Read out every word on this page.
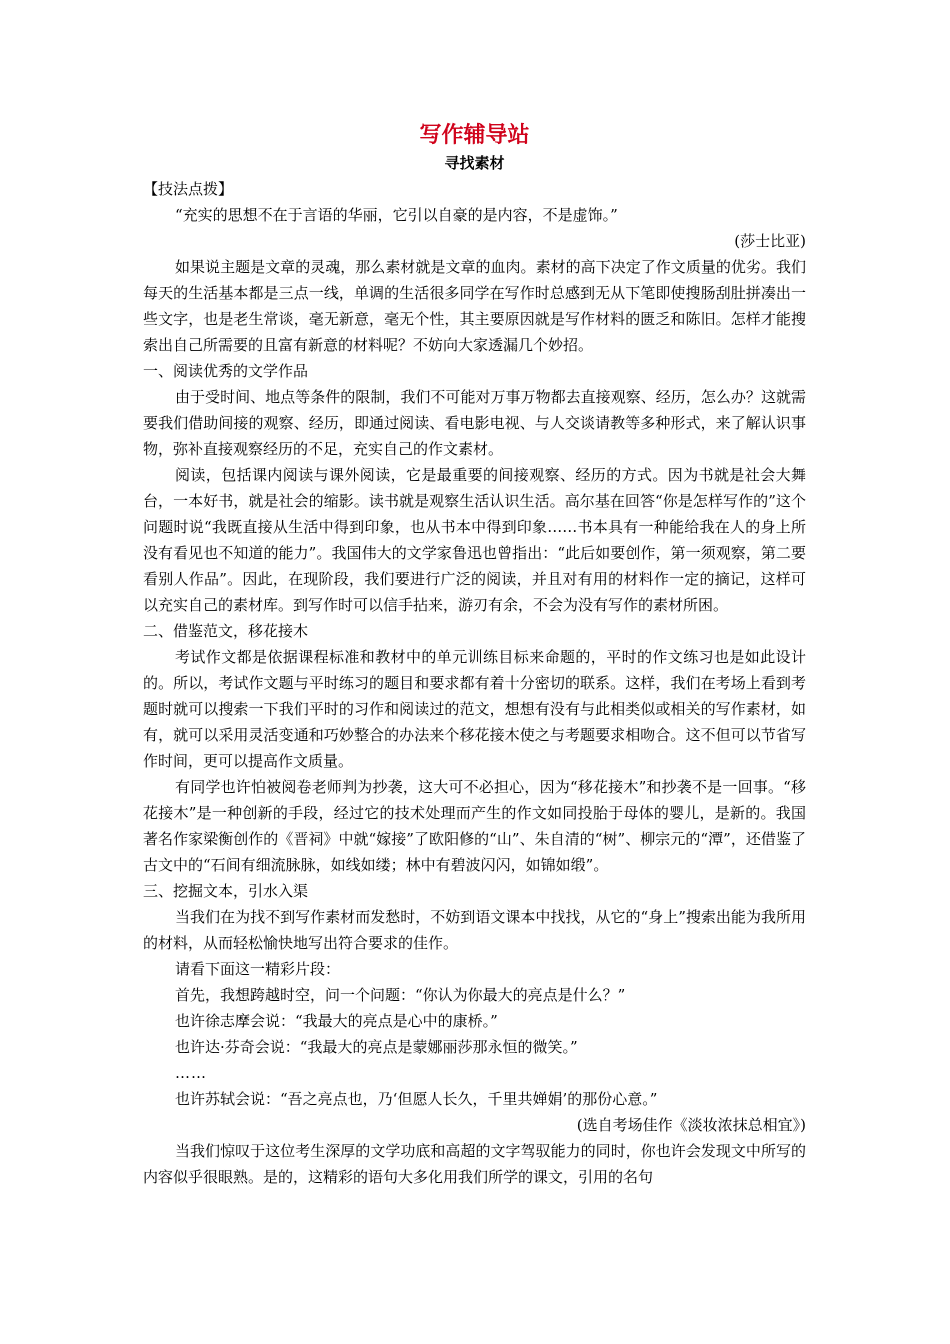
写作辅导站
寻找素材

【技法点拨】

“充实的思想不在于言语的华丽，它引以自豪的是内容，不是虚饰。”

(莎士比亚)

如果说主题是文章的灵魂，那么素材就是文章的血肉。素材的高下决定了作文质量的优劣。我们每天的生活基本都是三点一线，单调的生活很多同学在写作时总感到无从下笔即使搜肠刮肚拼凑出一些文字，也是老生常谈，毫无新意，毫无个性，其主要原因就是写作材料的匮乏和陈旧。怎样才能搜索出自己所需要的且富有新意的材料呢？不妨向大家透漏几个妙招。

一、阅读优秀的文学作品

由于受时间、地点等条件的限制，我们不可能对万事万物都去直接观察、经历，怎么办？这就需要我们借助间接的观察、经历，即通过阅读、看电影电视、与人交谈请教等多种形式，来了解认识事物，弥补直接观察经历的不足，充实自己的作文素材。

阅读，包括课内阅读与课外阅读，它是最重要的间接观察、经历的方式。因为书就是社会大舞台，一本好书，就是社会的缩影。读书就是观察生活认识生活。高尔基在回答“你是怎样写作的”这个问题时说“我既直接从生活中得到印象，也从书本中得到印象……书本具有一种能给我在人的身上所没有看见也不知道的能力”。我国伟大的文学家鲁迅也曾指出：“此后如要创作，第一须观察，第二要看别人作品”。因此，在现阶段，我们要进行广泛的阅读，并且对有用的材料作一定的摘记，这样可以充实自己的素材库。到写作时可以信手拈来，游刃有余，不会为没有写作的素材所困。

二、借鉴范文，移花接木

考试作文都是依据课程标准和教材中的单元训练目标来命题的，平时的作文练习也是如此设计的。所以，考试作文题与平时练习的题目和要求都有着十分密切的联系。这样，我们在考场上看到考题时就可以搜索一下我们平时的习作和阅读过的范文，想想有没有与此相类似或相关的写作素材，如有，就可以采用灵活变通和巧妙整合的办法来个移花接木使之与考题要求相吻合。这不但可以节省写作时间，更可以提高作文质量。

有同学也许怕被阅卷老师判为抄袭，这大可不必担心，因为“移花接木”和抄袭不是一回事。“移花接木”是一种创新的手段，经过它的技术处理而产生的作文如同投胎于母体的婴儿，是新的。我国著名作家梁衡创作的《晋祠》中就“嫁接”了欧阳修的“山”、朱自清的“树”、柳宗元的“潭”，还借鉴了古文中的“石间有细流脉脉，如线如缕；林中有碧波闪闪，如锦如缎”。

三、挖掘文本，引水入渠

当我们在为找不到写作素材而发愁时，不妨到语文课本中找找，从它的“身上”搜索出能为我所用的材料，从而轻松愉快地写出符合要求的佳作。

请看下面这一精彩片段：

首先，我想跨越时空，问一个问题：“你认为你最大的亮点是什么？”

也许徐志摩会说：“我最大的亮点是心中的康桥。”

也许达·芬奇会说：“我最大的亮点是蒙娜丽莎那永恒的微笑。”

……

也许苏轼会说：“吾之亮点也，乃‘但愿人长久，千里共婵娟’的那份心意。”

(选自考场佳作《淡妆浓抹总相宜》)

当我们惊叹于这位考生深厚的文学功底和高超的文字驾驭能力的同时，你也许会发现文中所写的内容似乎很眼熟。是的，这精彩的语句大多化用我们所学的课文，引用的名句
